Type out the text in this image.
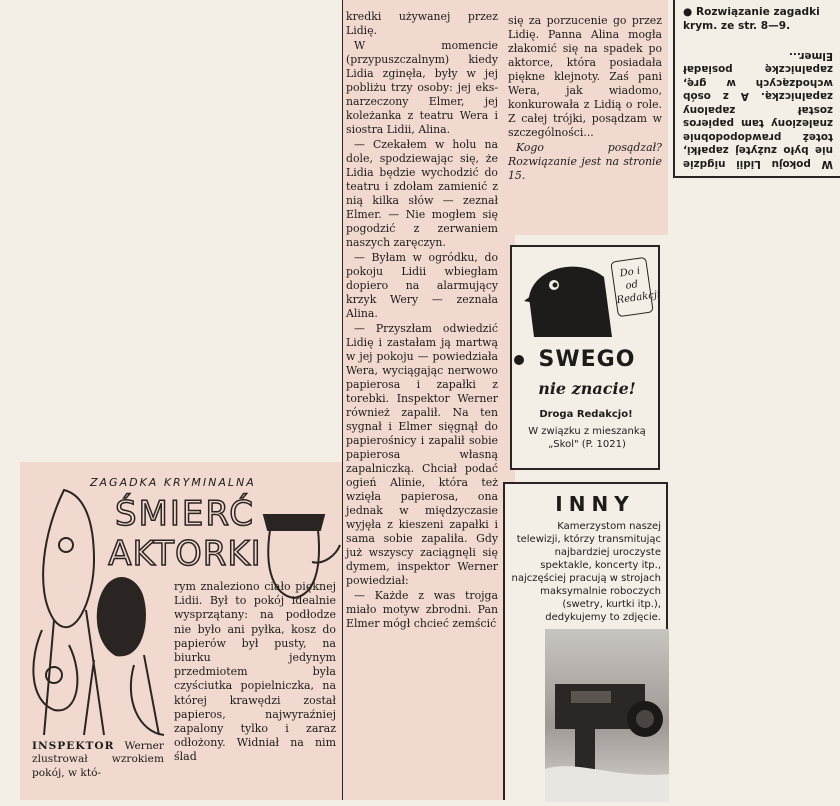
ZAGADKA KRYMINALNA
ŚMIERĆ
AKTORKI
INSPEKTOR Werner zlustrował wzrokiem pokój, w któ-

rym znaleziono ciało pięknej Lidii. Był to pokój idealnie wysprzątany: na podłodze nie było ani pyłka, kosz do papierów był pusty, na biurku jedynym przedmiotem była czyściutka popielniczka, na której krawędzi został papieros, najwyraźniej zapalony tylko i zaraz odłożony. Widniał na nim ślad

kredki używanej przez Lidię.

W momencie (przypuszczalnym) kiedy Lidia zginęła, były w jej pobliżu trzy osoby: jej eks-narzeczony Elmer, jej koleżanka z teatru Wera i siostra Lidii, Alina.

— Czekałem w holu na dole, spodziewając się, że Lidia będzie wychodzić do teatru i zdołam zamienić z nią kilka słów — zeznał Elmer. — Nie mogłem się pogodzić z zerwaniem naszych zaręczyn.

— Byłam w ogródku, do pokoju Lidii wbiegłam dopiero na alarmujący krzyk Wery — zeznała Alina.

— Przyszłam odwiedzić Lidię i zastałam ją martwą w jej pokoju — powiedziała Wera, wyciągając nerwowo papierosa i zapałki z torebki. Inspektor Werner również zapalił. Na ten sygnał i Elmer sięgnął do papierośnicy i zapalił sobie papierosa własną zapalniczką. Chciał podać ogień Alinie, która też wzięła papierosa, ona jednak w międzyczasie wyjęła z kieszeni zapałki i sama sobie zapaliła. Gdy już wszyscy zaciągnęli się dymem, inspektor Werner powiedział:

— Każde z was trojga miało motyw zbrodni. Pan Elmer mógł chcieć zemścić

się za porzucenie go przez Lidię. Panna Alina mogła złakomić się na spadek po aktorce, która posiadała piękne klejnoty. Zaś pani Wera, jak wiadomo, konkurowała z Lidią o role. Z całej trójki, posądzam w szczególności...

Kogo posądzał? Rozwiązanie jest na stronie 15.

● Rozwiązanie zagadki krym. ze str. 8—9.
W pokoju Lidii nigdzie nie było zużytej zapałki, toteż prawdopodobnie znaleziony tam papieros został zapalony zapalniczką. A z osób wchodzących w grę, zapalniczkę posiadał Elmer...
Do i od
Redakcji
SWEGO
nie znacie!
Droga Redakcjo!
W związku z mieszanką „Skol" (P. 1021)
INNY
Kamerzystom naszej telewizji, którzy transmitując najbardziej uroczyste spektakle, koncerty itp., najczęściej pracują w strojach maksymalnie roboczych (swetry, kurtki itp.), dedykujemy to zdjęcie.
